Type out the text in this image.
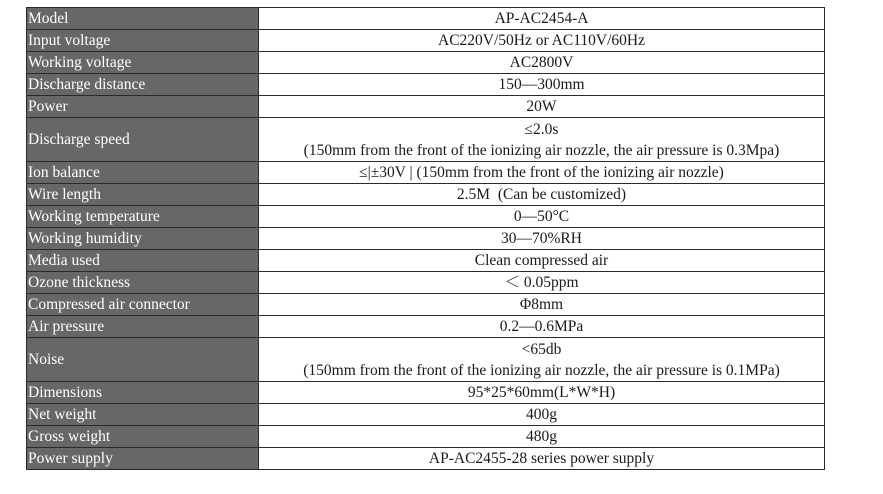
Model	AP-AC2454-A

Input voltage	AC220V/50Hz or AC110V/60Hz

Working voltage	AC2800V

Discharge distance	150—300mm

Power	20W

Discharge speed	≤2.0s
(150mm from the front of the ionizing air nozzle, the air pressure is 0.3Mpa)

Ion balance	≤|±30V | (150mm from the front of the ionizing air nozzle)

Wire length	2.5M  (Can be customized)

Working temperature	0—50°C

Working humidity	30—70%RH

Media used	Clean compressed air

Ozone thickness	＜ 0.05ppm

Compressed air connector	Φ8mm

Air pressure	0.2—0.6MPa

Noise	<65db
(150mm from the front of the ionizing air nozzle, the air pressure is 0.1MPa)

Dimensions	95*25*60mm(L*W*H)

Net weight	400g

Gross weight	480g

Power supply	AP-AC2455-28 series power supply
